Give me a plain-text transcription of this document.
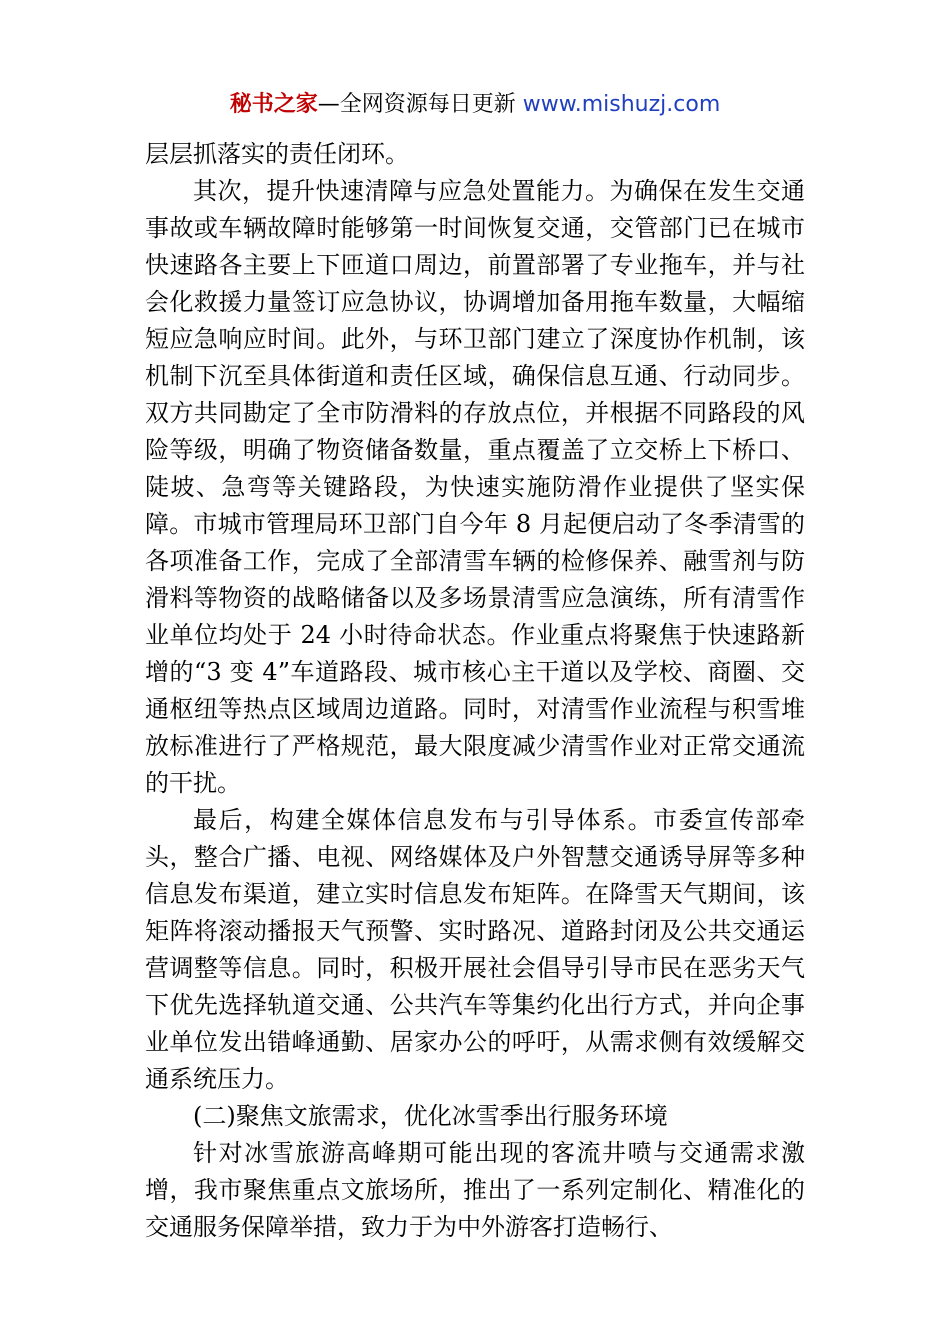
秘书之家—全网资源每日更新 www.mishuzj.com

层层抓落实的责任闭环。

其次，提升快速清障与应急处置能力。为确保在发生交通事故或车辆故障时能够第一时间恢复交通，交管部门已在城市快速路各主要上下匝道口周边，前置部署了专业拖车，并与社会化救援力量签订应急协议，协调增加备用拖车数量，大幅缩短应急响应时间。此外，与环卫部门建立了深度协作机制，该机制下沉至具体街道和责任区域，确保信息互通、行动同步。双方共同勘定了全市防滑料的存放点位，并根据不同路段的风险等级，明确了物资储备数量，重点覆盖了立交桥上下桥口、陡坡、急弯等关键路段，为快速实施防滑作业提供了坚实保障。市城市管理局环卫部门自今年 8 月起便启动了冬季清雪的各项准备工作，完成了全部清雪车辆的检修保养、融雪剂与防滑料等物资的战略储备以及多场景清雪应急演练，所有清雪作业单位均处于 24 小时待命状态。作业重点将聚焦于快速路新增的“3 变 4”车道路段、城市核心主干道以及学校、商圈、交通枢纽等热点区域周边道路。同时，对清雪作业流程与积雪堆放标准进行了严格规范，最大限度减少清雪作业对正常交通流的干扰。

最后，构建全媒体信息发布与引导体系。市委宣传部牵头，整合广播、电视、网络媒体及户外智慧交通诱导屏等多种信息发布渠道，建立实时信息发布矩阵。在降雪天气期间，该矩阵将滚动播报天气预警、实时路况、道路封闭及公共交通运营调整等信息。同时，积极开展社会倡导引导市民在恶劣天气下优先选择轨道交通、公共汽车等集约化出行方式，并向企事业单位发出错峰通勤、居家办公的呼吁，从需求侧有效缓解交通系统压力。

(二)聚焦文旅需求，优化冰雪季出行服务环境

针对冰雪旅游高峰期可能出现的客流井喷与交通需求激增，我市聚焦重点文旅场所，推出了一系列定制化、精准化的交通服务保障举措，致力于为中外游客打造畅行、
